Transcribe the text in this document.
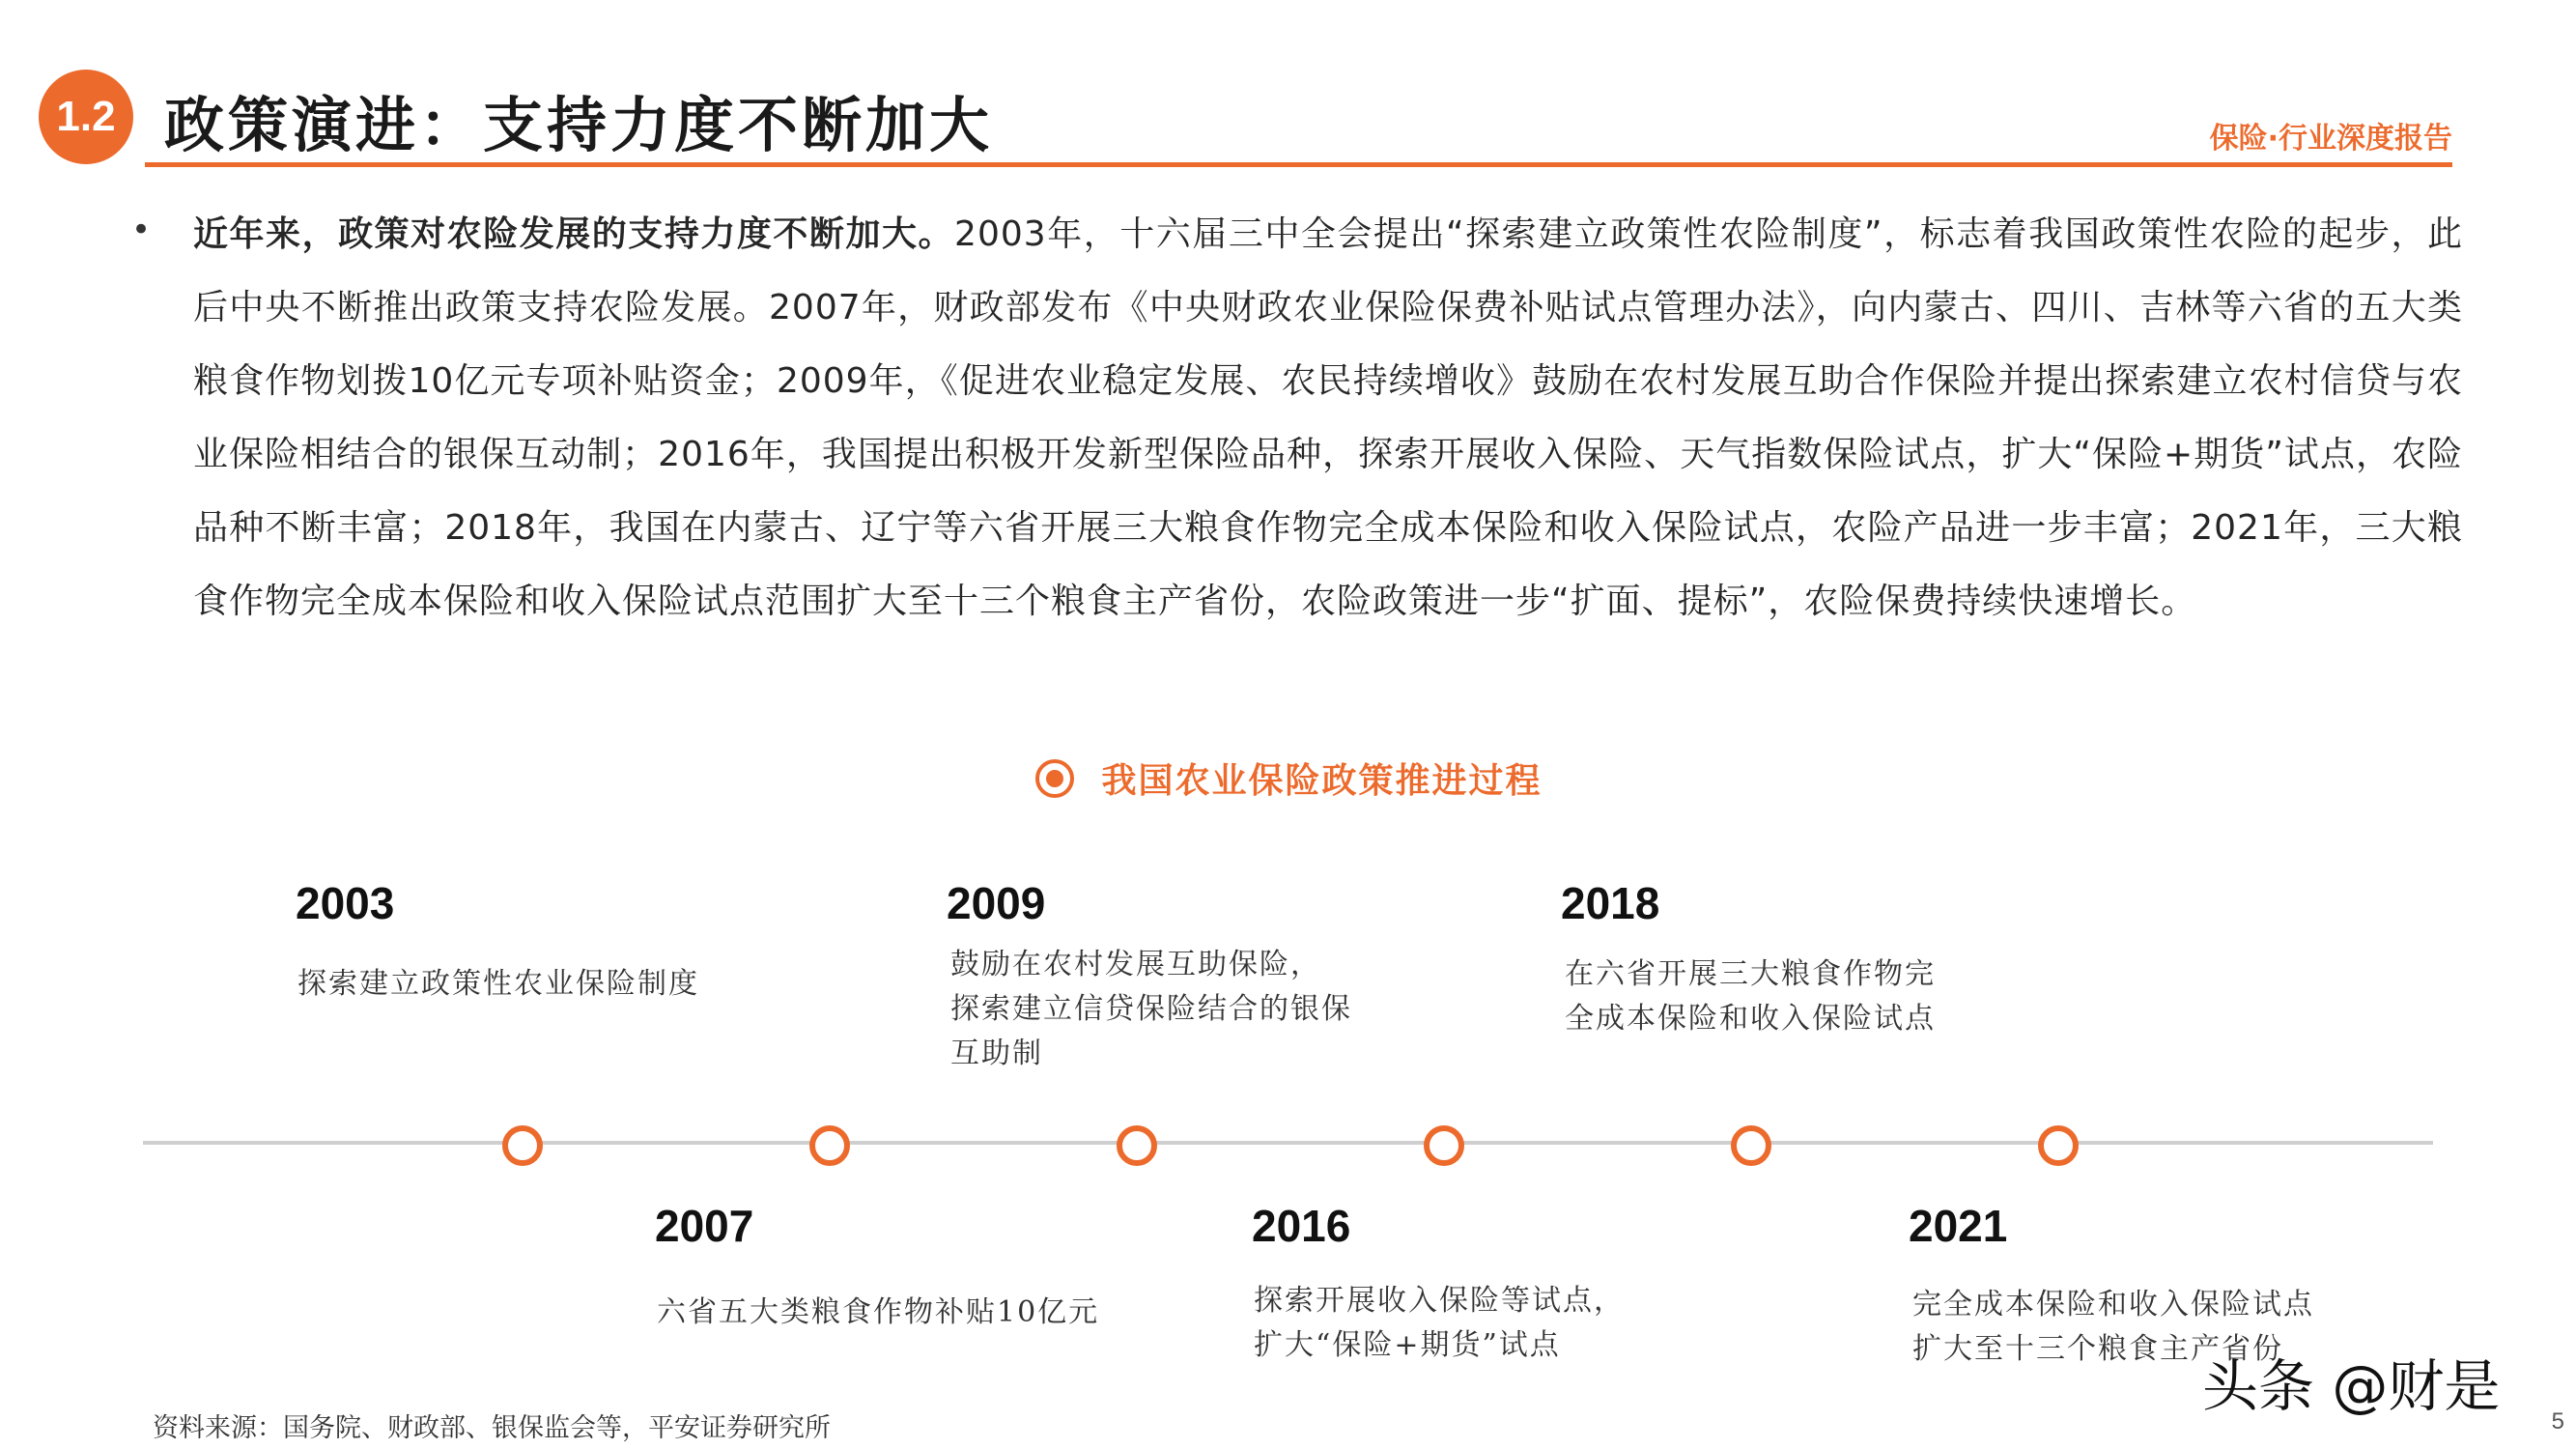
1.2 政策演进：支持力度不断加大	保险·行业深度报告
• 近年来，政策对农险发展的支持力度不断加大。2003年，十六届三中全会提出“探索建立政策性农险制度”，标志着我国政策性农险的起步，此后中央不断推出政策支持农险发展。2007年，财政部发布《中央财政农业保险保费补贴试点管理办法》，向内蒙古、四川、吉林等六省的五大类粮食作物划拨10亿元专项补贴资金；2009年，《促进农业稳定发展、农民持续增收》鼓励在农村发展互助合作保险并提出探索建立农村信贷与农业保险相结合的银保互动制；2016年，我国提出积极开发新型保险品种，探索开展收入保险、天气指数保险试点，扩大“保险+期货”试点，农险品种不断丰富；2018年，我国在内蒙古、辽宁等六省开展三大粮食作物完全成本保险和收入保险试点，农险产品进一步丰富；2021年，三大粮食作物完全成本保险和收入保险试点范围扩大至十三个粮食主产省份，农险政策进一步“扩面、提标”，农险保费持续快速增长。
我国农业保险政策推进过程
2003
探索建立政策性农业保险制度
2009
鼓励在农村发展互助保险，
探索建立信贷保险结合的银保
互助制
2018
在六省开展三大粮食作物完
全成本保险和收入保险试点
2007
六省五大类粮食作物补贴10亿元
2016
探索开展收入保险等试点，
扩大“保险+期货”试点
2021
完全成本保险和收入保险试点
扩大至十三个粮食主产省份
资料来源：国务院、财政部、银保监会等，平安证券研究所
头条 @财是
5
